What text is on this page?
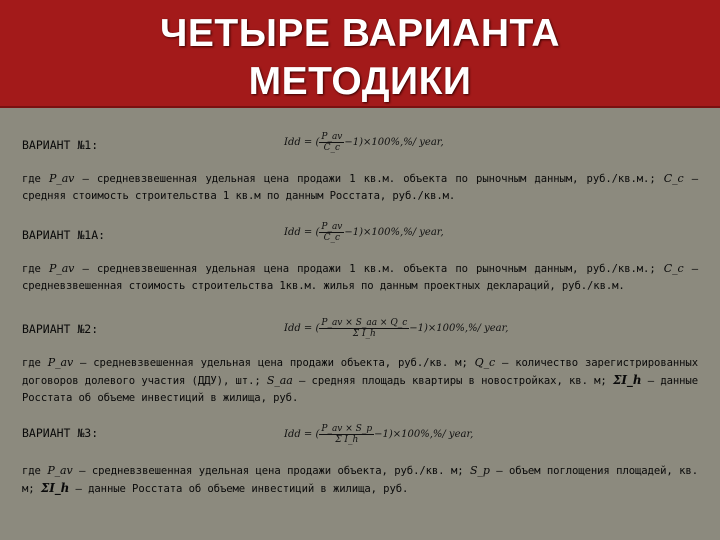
ЧЕТЫРЕ ВАРИАНТА
МЕТОДИКИ
ВАРИАНТ №1:	Idd = ( $\frac{P\_av}{C\_c} -1)\times 100\%,\%/$ year,
где P_av – средневзвешенная удельная цена продажи 1 кв.м. объекта по рыночным данным, руб./кв.м.; C_c – средняя стоимость строительства 1 кв.м по данным Росстата, руб./кв.м.
ВАРИАНТ №1А:	Idd = ( $\frac{P\_av}{C\_c} -1)\times 100\%,\%/$ year,
где P_av – средневзвешенная удельная цена продажи 1 кв.м. объекта по рыночным данным, руб./кв.м.; C_c – средневзвешенная стоимость строительства 1кв.м. жилья по данным проектных деклараций, руб./кв.м.
ВАРИАНТ №2:	Idd = ( $\frac{P\_av \times S\_aa \times Q\_c}{\text{Σ I\_h}} -1)\times 100\%,\%/$ year,
где P_av – средневзвешенная удельная цена продажи объекта, руб./кв. м; Q_c – количество зарегистрированных договоров долевого участия (ДДУ), шт.; S_aa – средняя площадь квартиры в новостройках, кв. м; ΣI_h – данные Росстата об объеме инвестиций в жилища, руб.
ВАРИАНТ №3:	Idd = ( $\frac{P\_av \times S\_p}{\text{Σ I\_h}} -1)\times 100\%,\%/$ year,
где P_av – средневзвешенная удельная цена продажи объекта, руб./кв. м; S_p – объем поглощения площадей, кв. м; ΣI_h – данные Росстата об объеме инвестиций в жилища, руб.
